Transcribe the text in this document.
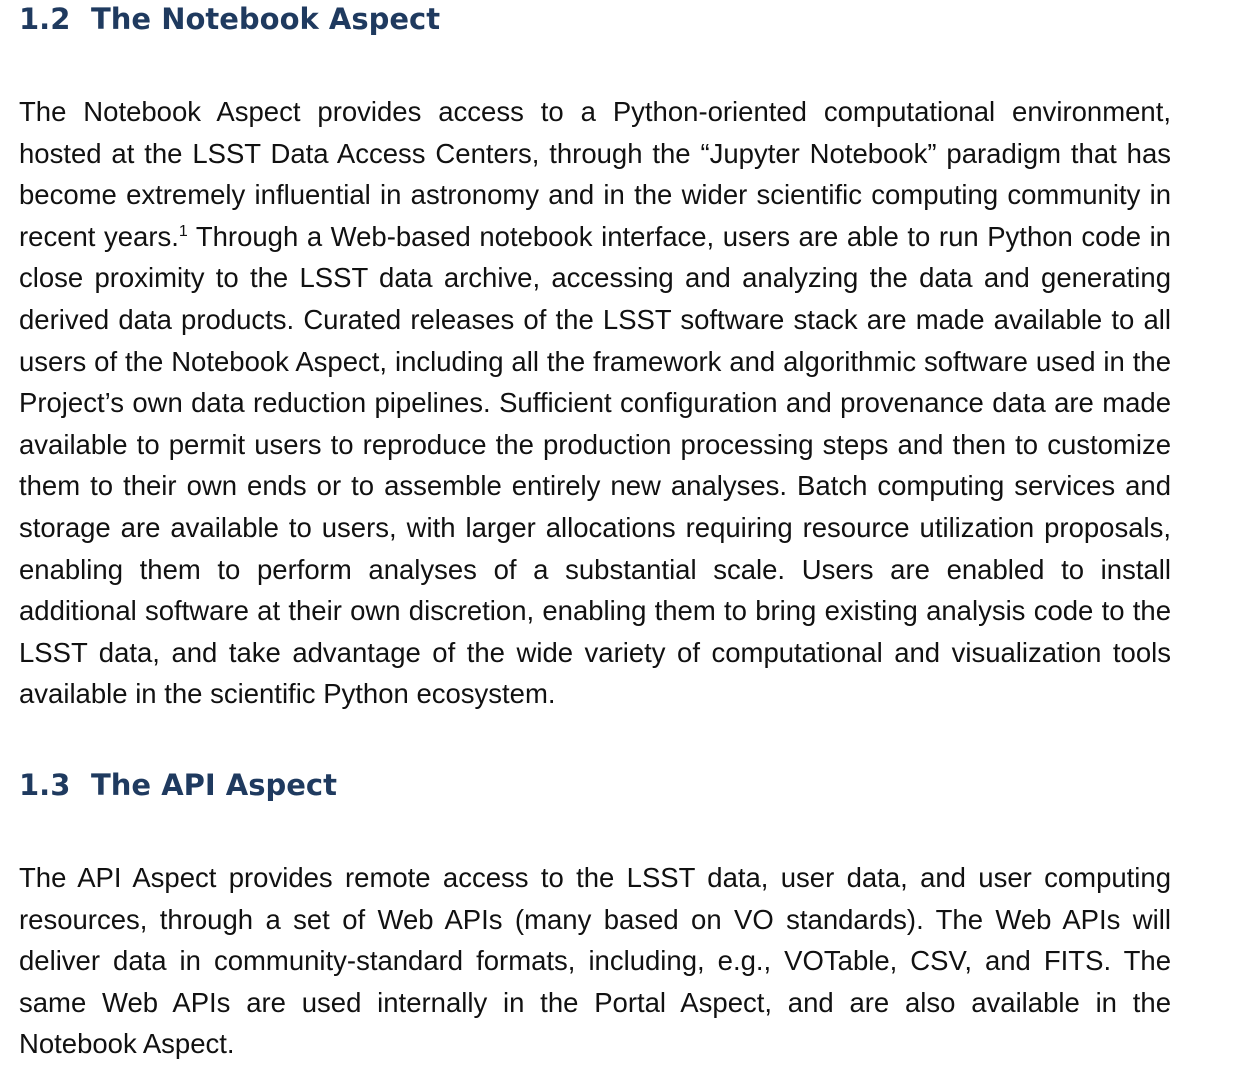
1.2 The Notebook Aspect

The Notebook Aspect provides access to a Python-oriented computational environment, hosted at the LSST Data Access Centers, through the “Jupyter Notebook” paradigm that has become extremely influential in astronomy and in the wider scientific computing community in recent years.$^1$ Through a Web-based notebook interface, users are able to run Python code in close proximity to the LSST data archive, accessing and analyzing the data and generating derived data products. Curated releases of the LSST software stack are made available to all users of the Notebook Aspect, including all the framework and algorithmic software used in the Project’s own data reduction pipelines. Sufficient configuration and provenance data are made available to permit users to reproduce the production processing steps and then to customize them to their own ends or to assemble entirely new analyses. Batch computing services and storage are available to users, with larger allocations requiring resource utilization proposals, enabling them to perform analyses of a substantial scale. Users are enabled to install additional software at their own discretion, enabling them to bring existing analysis code to the LSST data, and take advantage of the wide variety of computational and visualization tools available in the scientific Python ecosystem.

1.3 The API Aspect

The API Aspect provides remote access to the LSST data, user data, and user computing resources, through a set of Web APIs (many based on VO standards). The Web APIs will deliver data in community-standard formats, including, e.g., VOTable, CSV, and FITS. The same Web APIs are used internally in the Portal Aspect, and are also available in the Notebook Aspect.
